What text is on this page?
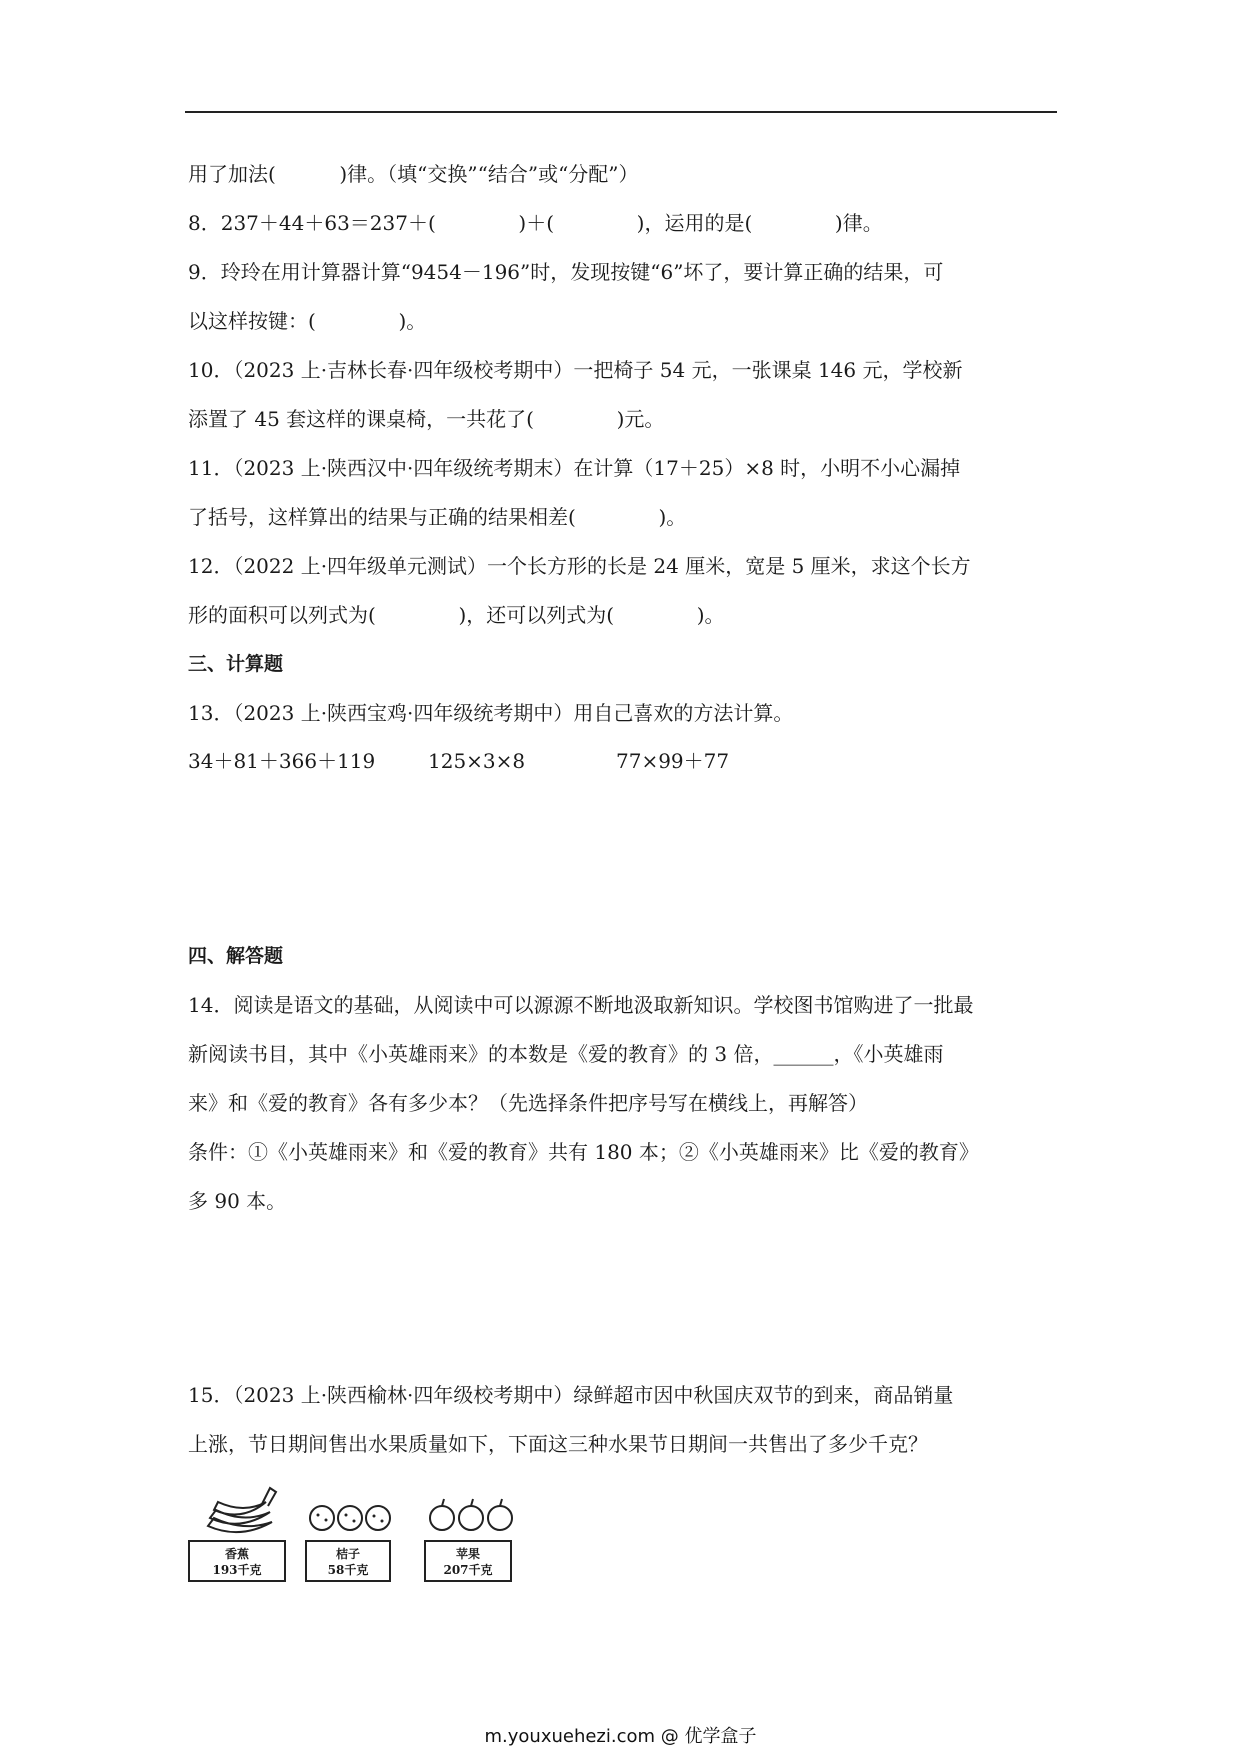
用了加法(          )律。（填“交换”“结合”或“分配”）
8．237＋44＋63＝237＋(             )＋(             )，运用的是(             )律。
9．玲玲在用计算器计算“9454－196”时，发现按键“6”坏了，要计算正确的结果，可
以这样按键：(             )。
10．（2023 上·吉林长春·四年级校考期中）一把椅子 54 元，一张课桌 146 元，学校新
添置了 45 套这样的课桌椅，一共花了(             )元。
11．（2023 上·陕西汉中·四年级统考期末）在计算（17＋25）×8 时，小明不小心漏掉
了括号，这样算出的结果与正确的结果相差(             )。
12．（2022 上·四年级单元测试）一个长方形的长是 24 厘米，宽是 5 厘米，求这个长方
形的面积可以列式为(             )，还可以列式为(             )。
三、计算题
13．（2023 上·陕西宝鸡·四年级统考期中）用自己喜欢的方法计算。
34＋81＋366＋119	125×3×8	77×99＋77
四、解答题
14．阅读是语文的基础，从阅读中可以源源不断地汲取新知识。学校图书馆购进了一批最
新阅读书目，其中《小英雄雨来》的本数是《爱的教育》的 3 倍，______，《小英雄雨
来》和《爱的教育》各有多少本？（先选择条件把序号写在横线上，再解答）
条件：①《小英雄雨来》和《爱的教育》共有 180 本；②《小英雄雨来》比《爱的教育》
多 90 本。
15．（2023 上·陕西榆林·四年级校考期中）绿鲜超市因中秋国庆双节的到来，商品销量
上涨，节日期间售出水果质量如下，下面这三种水果节日期间一共售出了多少千克？
香蕉
193千克
桔子
58千克
苹果
207千克
m.youxuehezi.com @ 优学盒子
